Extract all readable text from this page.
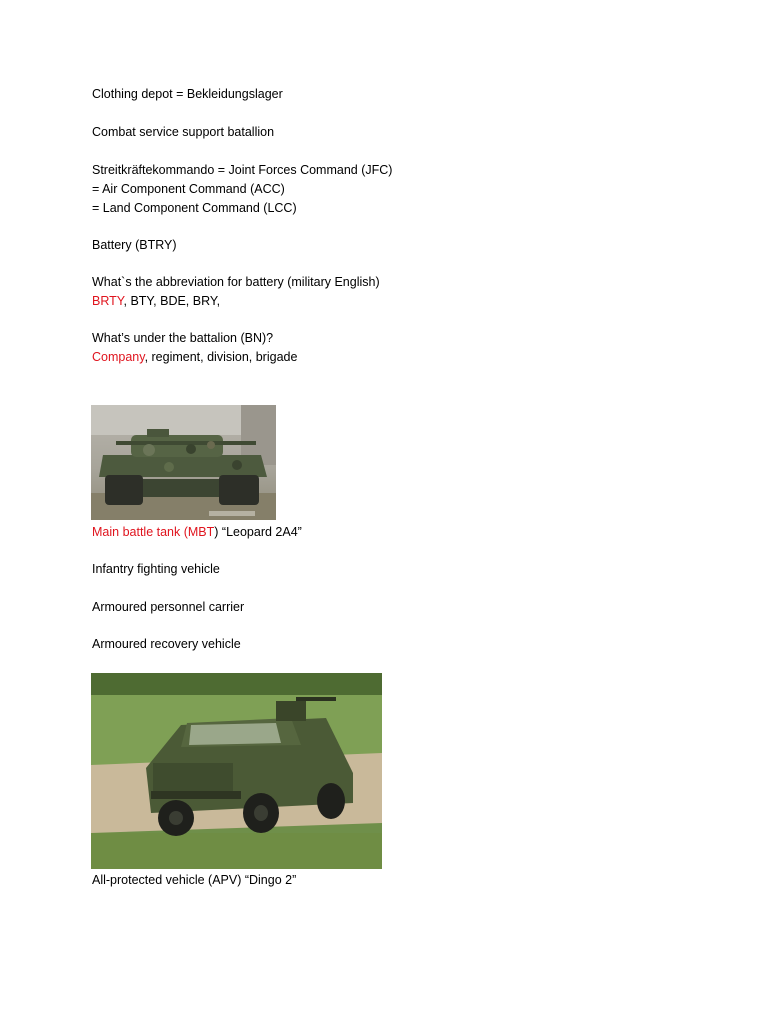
Clothing depot = Bekleidungslager
Combat service support batallion
Streitkräftekommando = Joint Forces Command (JFC)
= Air Component Command (ACC)
= Land Component Command (LCC)
Battery (BTRY)
What`s the abbreviation for battery (military English)
BRTY, BTY, BDE, BRY,
What’s under the battalion (BN)?
Company, regiment, division, brigade
Main battle tank (MBT) “Leopard 2A4”
Infantry fighting vehicle
Armoured personnel carrier
Armoured recovery vehicle
All-protected vehicle (APV) “Dingo 2”
